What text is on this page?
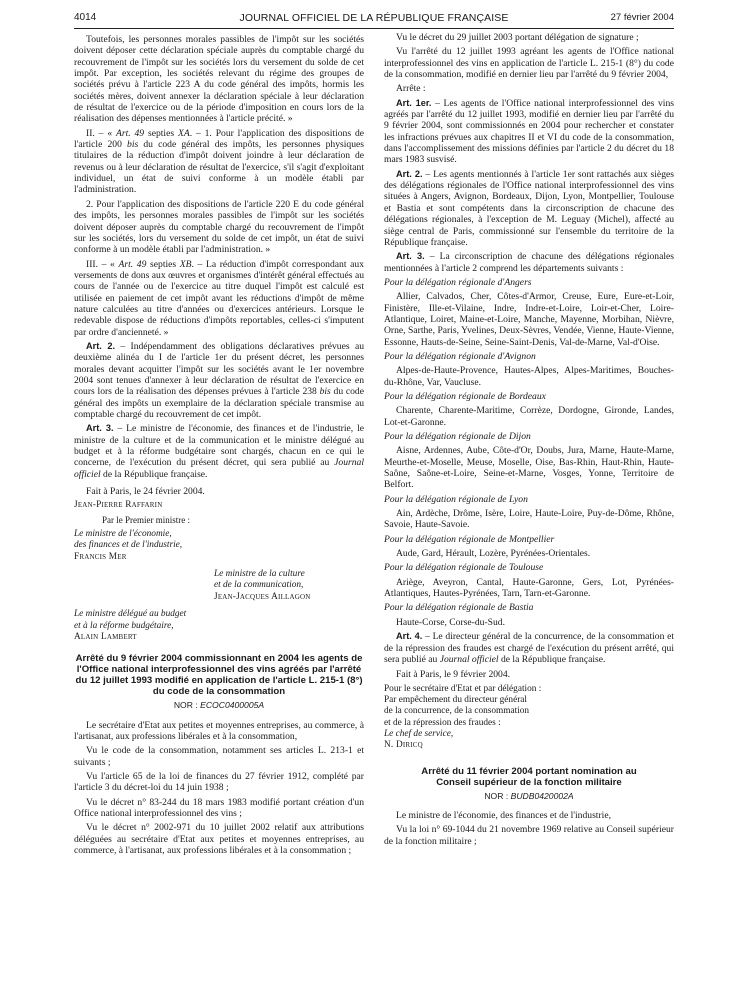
4014	JOURNAL OFFICIEL DE LA RÉPUBLIQUE FRANÇAISE	27 février 2004

Toutefois, les personnes morales passibles de l'impôt sur les sociétés doivent déposer cette déclaration spéciale auprès du comptable chargé du recouvrement de l'impôt sur les sociétés lors du versement du solde de cet impôt. Par exception, les sociétés relevant du régime des groupes de sociétés prévu à l'article 223 A du code général des impôts, hormis les sociétés mères, doivent annexer la déclaration spéciale à leur déclaration de résultat de l'exercice ou de la période d'imposition en cours lors de la réalisation des dépenses mentionnées à l'article précité. »

II. – « Art. 49 septies XA. – 1. Pour l'application des dispositions de l'article 200 bis du code général des impôts, les personnes physiques titulaires de la réduction d'impôt doivent joindre à leur déclaration de revenus ou à leur déclaration de résultat de l'exercice, s'il s'agit d'exploitant individuel, un état de suivi conforme à un modèle établi par l'administration.

2. Pour l'application des dispositions de l'article 220 E du code général des impôts, les personnes morales passibles de l'impôt sur les sociétés doivent déposer auprès du comptable chargé du recouvrement de l'impôt sur les sociétés, lors du versement du solde de cet impôt, un état de suivi conforme à un modèle établi par l'administration. »

III. – « Art. 49 septies XB. – La réduction d'impôt correspondant aux versements de dons aux œuvres et organismes d'intérêt général effectués au cours de l'année ou de l'exercice au titre duquel l'impôt est calculé est utilisée en paiement de cet impôt avant les réductions d'impôt de même nature calculées au titre d'années ou d'exercices antérieurs. Lorsque le redevable dispose de réductions d'impôts reportables, celles-ci s'imputent par ordre d'ancienneté. »

Art. 2. – Indépendamment des obligations déclaratives prévues au deuxième alinéa du I de l'article 1er du présent décret, les personnes morales devant acquitter l'impôt sur les sociétés avant le 1er novembre 2004 sont tenues d'annexer à leur déclaration de résultat de l'exercice en cours lors de la réalisation des dépenses prévues à l'article 238 bis du code général des impôts un exemplaire de la déclaration spéciale transmise au comptable chargé du recouvrement de cet impôt.

Art. 3. – Le ministre de l'économie, des finances et de l'industrie, le ministre de la culture et de la communication et le ministre délégué au budget et à la réforme budgétaire sont chargés, chacun en ce qui le concerne, de l'exécution du présent décret, qui sera publié au Journal officiel de la République française.

Fait à Paris, le 24 février 2004.

Jean-Pierre Raffarin

Par le Premier ministre :

Le ministre de l'économie,

des finances et de l'industrie,

Francis Mer

Le ministre de la culture

et de la communication,

Jean-Jacques Aillagon

Le ministre délégué au budget

et à la réforme budgétaire,

Alain Lambert

Arrêté du 9 février 2004 commissionnant en 2004 les agents de l'Office national interprofessionnel des vins agréés par l'arrêté du 12 juillet 1993 modifié en application de l'article L. 215-1 (8°) du code de la consommation
NOR : ECOC0400005A

Le secrétaire d'Etat aux petites et moyennes entreprises, au commerce, à l'artisanat, aux professions libérales et à la consommation,

Vu le code de la consommation, notamment ses articles L. 213-1 et suivants ;

Vu l'article 65 de la loi de finances du 27 février 1912, complété par l'article 3 du décret-loi du 14 juin 1938 ;

Vu le décret n° 83-244 du 18 mars 1983 modifié portant création d'un Office national interprofessionnel des vins ;

Vu le décret n° 2002-971 du 10 juillet 2002 relatif aux attributions déléguées au secrétaire d'Etat aux petites et moyennes entreprises, au commerce, à l'artisanat, aux professions libérales et à la consommation ;

Vu le décret du 29 juillet 2003 portant délégation de signature ;

Vu l'arrêté du 12 juillet 1993 agréant les agents de l'Office national interprofessionnel des vins en application de l'article L. 215-1 (8°) du code de la consommation, modifié en dernier lieu par l'arrêté du 9 février 2004,

Arrête :

Art. 1er. – Les agents de l'Office national interprofessionnel des vins agréés par l'arrêté du 12 juillet 1993, modifié en dernier lieu par l'arrêté du 9 février 2004, sont commissionnés en 2004 pour rechercher et constater les infractions prévues aux chapitres II et VI du code de la consommation, dans l'accomplissement des missions définies par l'article 2 du décret du 18 mars 1983 susvisé.

Art. 2. – Les agents mentionnés à l'article 1er sont rattachés aux sièges des délégations régionales de l'Office national interprofessionnel des vins situées à Angers, Avignon, Bordeaux, Dijon, Lyon, Montpellier, Toulouse et Bastia et sont compétents dans la circonscription de chacune des délégations régionales, à l'exception de M. Leguay (Michel), affecté au siège central de Paris, commissionné sur l'ensemble du territoire de la République française.

Art. 3. – La circonscription de chacune des délégations régionales mentionnées à l'article 2 comprend les départements suivants :

Pour la délégation régionale d'Angers

Allier, Calvados, Cher, Côtes-d'Armor, Creuse, Eure, Eure-et-Loir, Finistère, Ille-et-Vilaine, Indre, Indre-et-Loire, Loir-et-Cher, Loire-Atlantique, Loiret, Maine-et-Loire, Manche, Mayenne, Morbihan, Nièvre, Orne, Sarthe, Paris, Yvelines, Deux-Sèvres, Vendée, Vienne, Haute-Vienne, Essonne, Hauts-de-Seine, Seine-Saint-Denis, Val-de-Marne, Val-d'Oise.

Pour la délégation régionale d'Avignon

Alpes-de-Haute-Provence, Hautes-Alpes, Alpes-Maritimes, Bouches-du-Rhône, Var, Vaucluse.

Pour la délégation régionale de Bordeaux

Charente, Charente-Maritime, Corrèze, Dordogne, Gironde, Landes, Lot-et-Garonne.

Pour la délégation régionale de Dijon

Aisne, Ardennes, Aube, Côte-d'Or, Doubs, Jura, Marne, Haute-Marne, Meurthe-et-Moselle, Meuse, Moselle, Oise, Bas-Rhin, Haut-Rhin, Haute-Saône, Saône-et-Loire, Seine-et-Marne, Vosges, Yonne, Territoire de Belfort.

Pour la délégation régionale de Lyon

Ain, Ardèche, Drôme, Isère, Loire, Haute-Loire, Puy-de-Dôme, Rhône, Savoie, Haute-Savoie.

Pour la délégation régionale de Montpellier

Aude, Gard, Hérault, Lozère, Pyrénées-Orientales.

Pour la délégation régionale de Toulouse

Ariège, Aveyron, Cantal, Haute-Garonne, Gers, Lot, Pyrénées-Atlantiques, Hautes-Pyrénées, Tarn, Tarn-et-Garonne.

Pour la délégation régionale de Bastia

Haute-Corse, Corse-du-Sud.

Art. 4. – Le directeur général de la concurrence, de la consommation et de la répression des fraudes est chargé de l'exécution du présent arrêté, qui sera publié au Journal officiel de la République française.

Fait à Paris, le 9 février 2004.

Pour le secrétaire d'Etat et par délégation :

Par empêchement du directeur général

de la concurrence, de la consommation

et de la répression des fraudes :

Le chef de service,

N. Diricq

Arrêté du 11 février 2004 portant nomination au Conseil supérieur de la fonction militaire
NOR : BUDB0420002A

Le ministre de l'économie, des finances et de l'industrie,

Vu la loi n° 69-1044 du 21 novembre 1969 relative au Conseil supérieur de la fonction militaire ;
